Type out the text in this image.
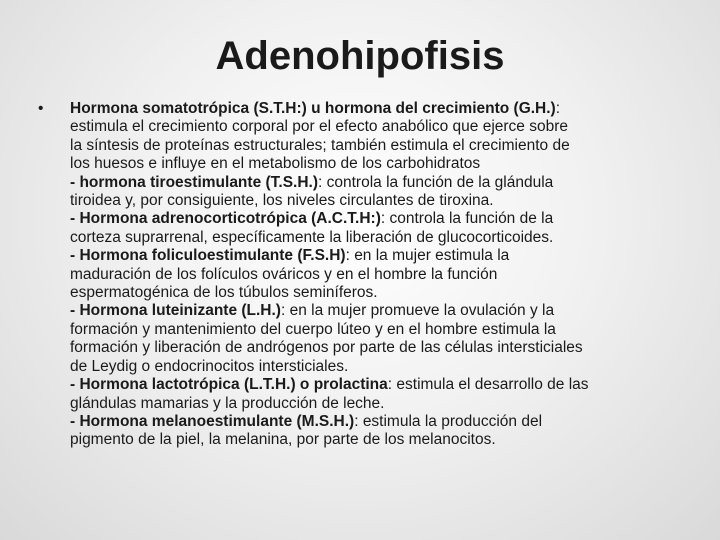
Adenohipofisis
•	Hormona somatotrópica (S.T.H:) u hormona del crecimiento (G.H.):
estimula el crecimiento corporal por el efecto anabólico que ejerce sobre
la síntesis de proteínas estructurales; también estimula el crecimiento de
los huesos e influye en el metabolismo de los carbohidratos
- hormona tiroestimulante (T.S.H.): controla la función de la glándula
tiroidea y, por consiguiente, los niveles circulantes de tiroxina.
- Hormona adrenocorticotrópica (A.C.T.H:): controla la función de la
corteza suprarrenal, específicamente la liberación de glucocorticoides.
- Hormona foliculoestimulante (F.S.H): en la mujer estimula la
maduración de los folículos ováricos y en el hombre la función
espermatogénica de los túbulos seminíferos.
- Hormona luteinizante (L.H.): en la mujer promueve la ovulación y la
formación y mantenimiento del cuerpo lúteo y en el hombre estimula la
formación y liberación de andrógenos por parte de las células intersticiales
de Leydig o endocrinocitos intersticiales.
- Hormona lactotrópica (L.T.H.) o prolactina: estimula el desarrollo de las
glándulas mamarias y la producción de leche.
- Hormona melanoestimulante (M.S.H.): estimula la producción del
pigmento de la piel, la melanina, por parte de los melanocitos.
